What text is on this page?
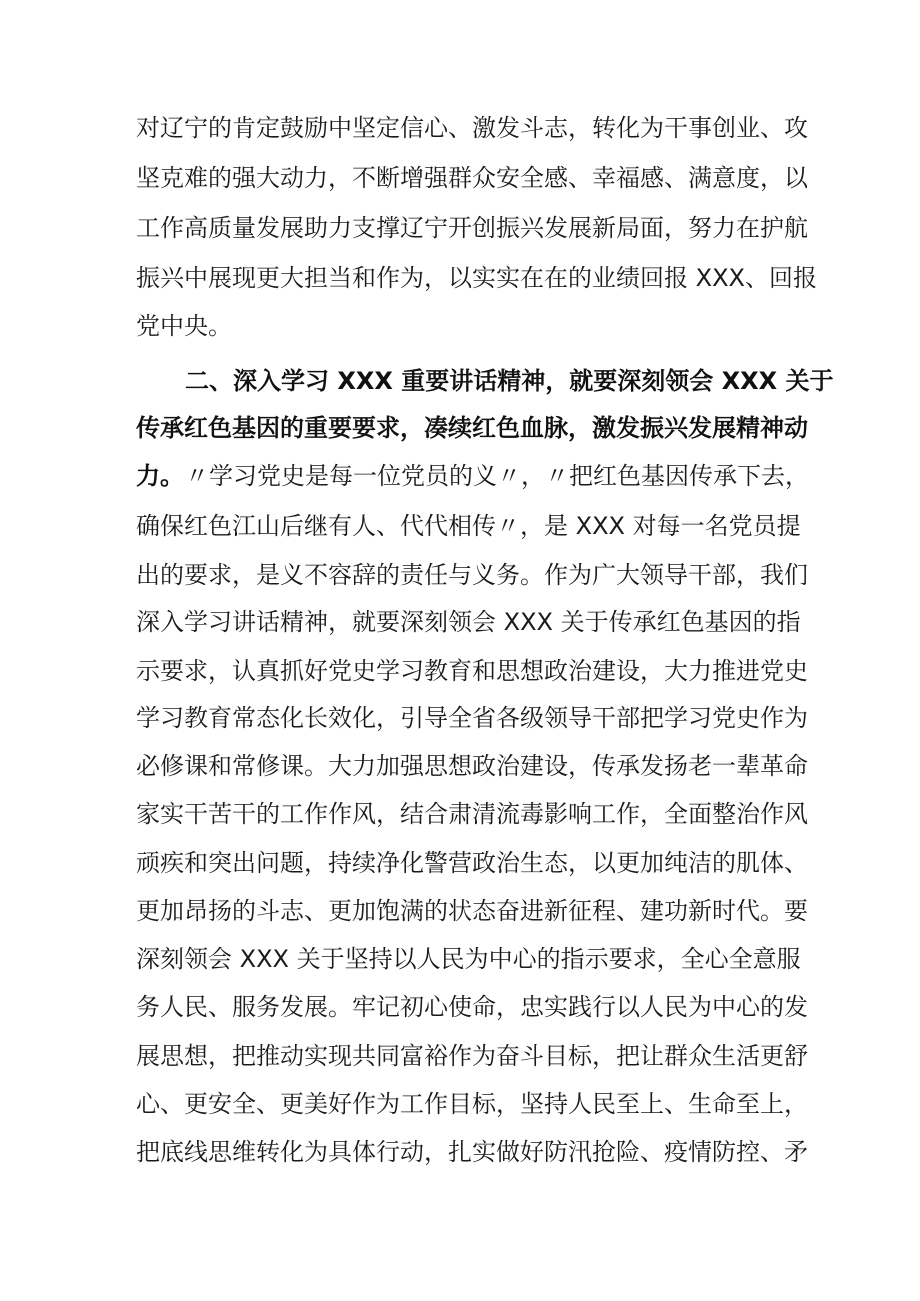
对辽宁的肯定鼓励中坚定信心、激发斗志，转化为干事创业、攻
坚克难的强大动力，不断增强群众安全感、幸福感、满意度，以
工作高质量发展助力支撑辽宁开创振兴发展新局面，努力在护航
振兴中展现更大担当和作为，以实实在在的业绩回报 XXX、回报
党中央。
二、深入学习 XXX 重要讲话精神，就要深刻领会 XXX 关于
传承红色基因的重要要求，凑续红色血脉，激发振兴发展精神动
力。 〃学习党史是每一位党员的义〃，〃把红色基因传承下去，
确保红色江山后继有人、代代相传〃，是 XXX 对每一名党员提
出的要求，是义不容辞的责任与义务。作为广大领导干部，我们
深入学习讲话精神，就要深刻领会 XXX 关于传承红色基因的指
示要求，认真抓好党史学习教育和思想政治建设，大力推进党史
学习教育常态化长效化，引导全省各级领导干部把学习党史作为
必修课和常修课。大力加强思想政治建设，传承发扬老一辈革命
家实干苦干的工作作风，结合肃清流毒影响工作，全面整治作风
顽疾和突出问题，持续净化警营政治生态，以更加纯洁的肌体、
更加昂扬的斗志、更加饱满的状态奋进新征程、建功新时代。要
深刻领会 XXX 关于坚持以人民为中心的指示要求，全心全意服
务人民、服务发展。牢记初心使命，忠实践行以人民为中心的发
展思想，把推动实现共同富裕作为奋斗目标，把让群众生活更舒
心、更安全、更美好作为工作目标，坚持人民至上、生命至上，
把底线思维转化为具体行动，扎实做好防汛抢险、疫情防控、矛
